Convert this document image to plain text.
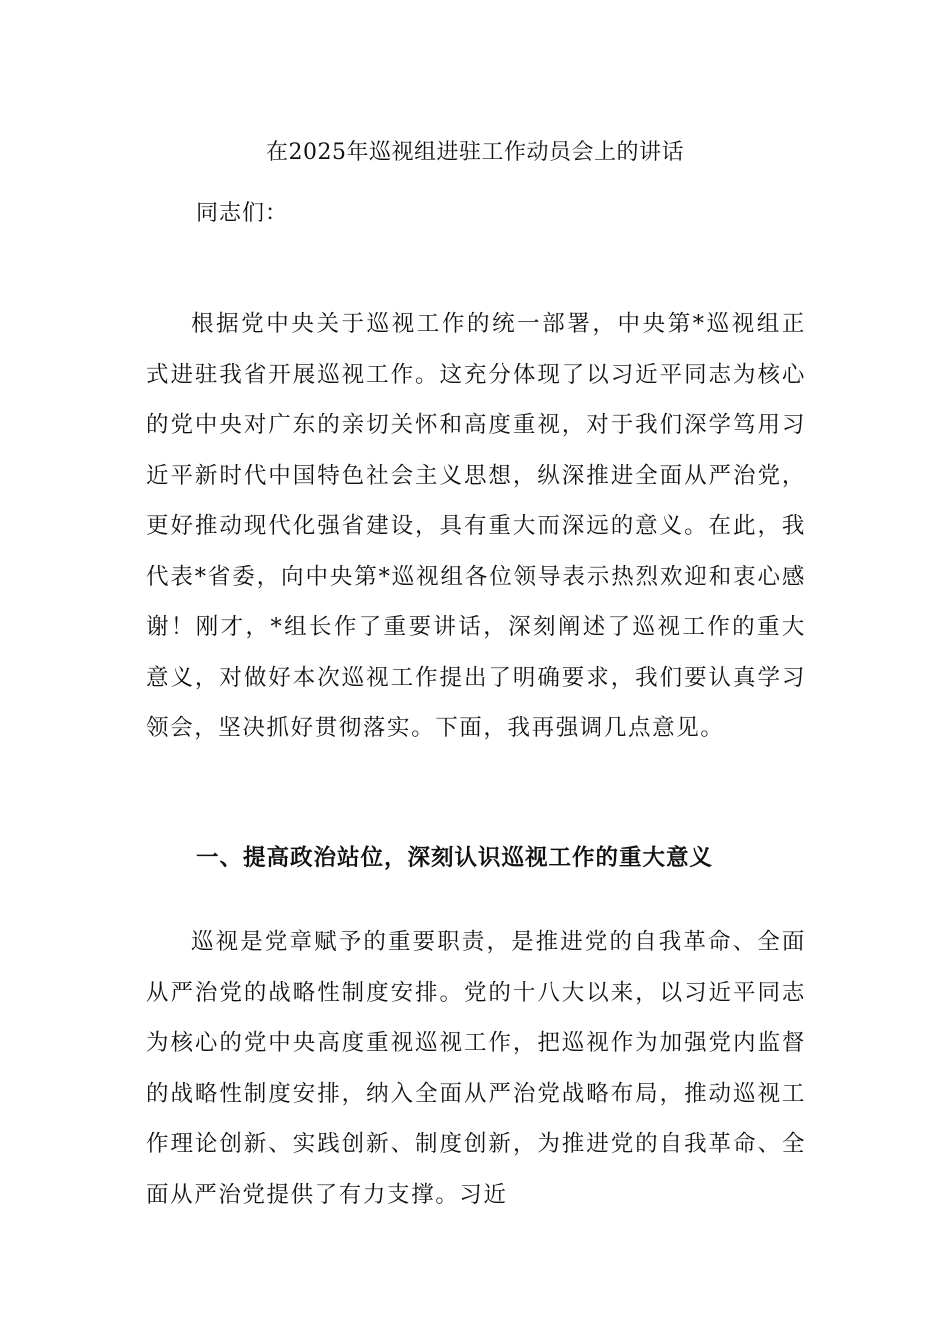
在2025年巡视组进驻工作动员会上的讲话
同志们：

根据党中央关于巡视工作的统一部署，中央第*巡视组正式进驻我省开展巡视工作。这充分体现了以习近平同志为核心的党中央对广东的亲切关怀和高度重视，对于我们深学笃用习近平新时代中国特色社会主义思想，纵深推进全面从严治党，更好推动现代化强省建设，具有重大而深远的意义。在此，我代表*省委，向中央第*巡视组各位领导表示热烈欢迎和衷心感谢！刚才，*组长作了重要讲话，深刻阐述了巡视工作的重大意义，对做好本次巡视工作提出了明确要求，我们要认真学习领会，坚决抓好贯彻落实。下面，我再强调几点意见。

一、提高政治站位，深刻认识巡视工作的重大意义

巡视是党章赋予的重要职责，是推进党的自我革命、全面从严治党的战略性制度安排。党的十八大以来，以习近平同志为核心的党中央高度重视巡视工作，把巡视作为加强党内监督的战略性制度安排，纳入全面从严治党战略布局，推动巡视工作理论创新、实践创新、制度创新，为推进党的自我革命、全面从严治党提供了有力支撑。习近
